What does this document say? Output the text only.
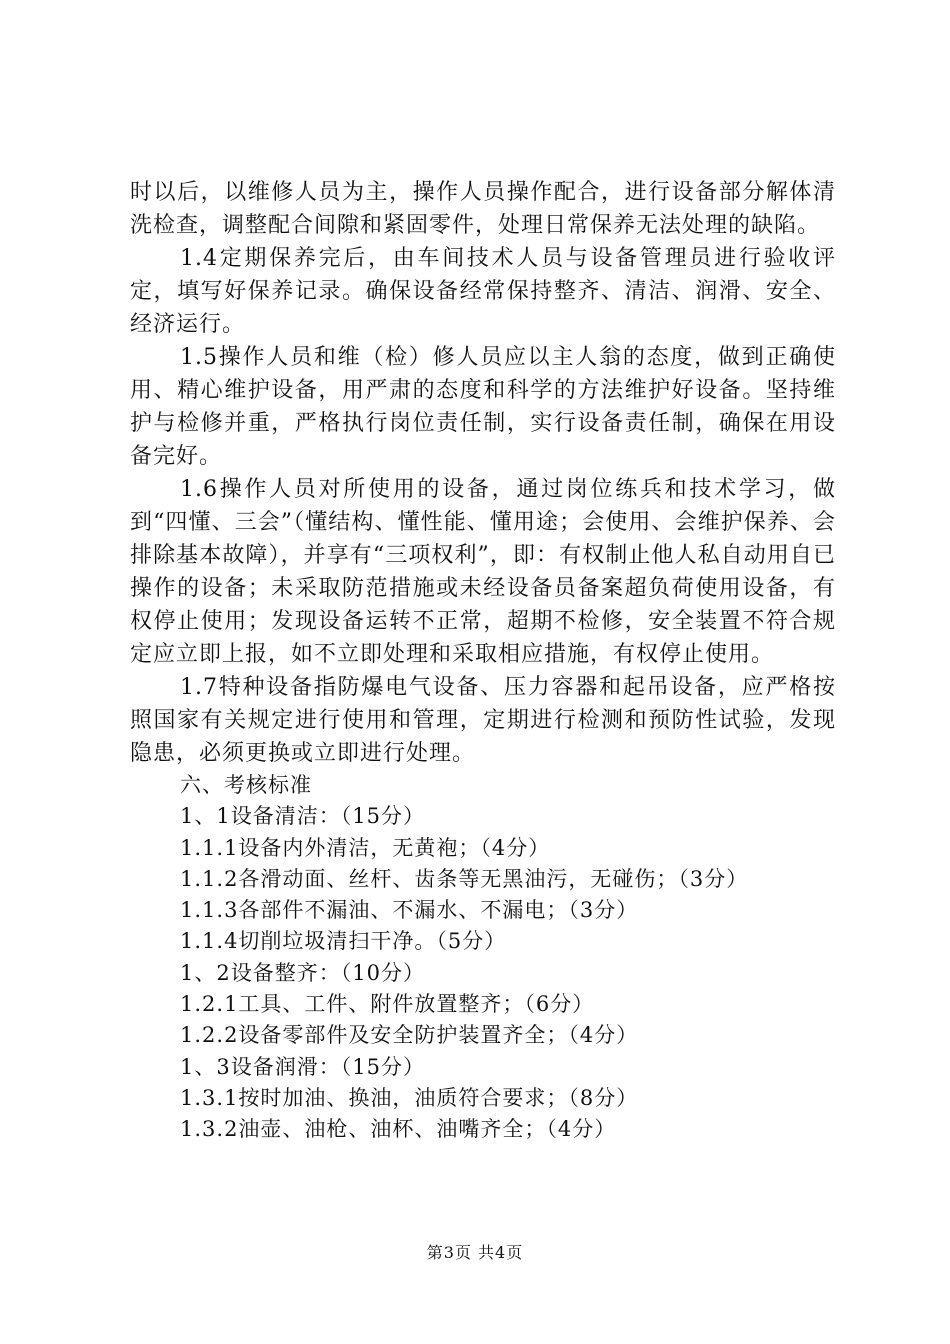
时以后，以维修人员为主，操作人员操作配合，进行设备部分解体清洗检查，调整配合间隙和紧固零件，处理日常保养无法处理的缺陷。

1.4定期保养完后，由车间技术人员与设备管理员进行验收评定，填写好保养记录。确保设备经常保持整齐、清洁、润滑、安全、经济运行。

1.5操作人员和维（检）修人员应以主人翁的态度，做到正确使用、精心维护设备，用严肃的态度和科学的方法维护好设备。坚持维护与检修并重，严格执行岗位责任制，实行设备责任制，确保在用设备完好。

1.6操作人员对所使用的设备，通过岗位练兵和技术学习，做到“四懂、三会”（懂结构、懂性能、懂用途；会使用、会维护保养、会排除基本故障），并享有“三项权利”，即：有权制止他人私自动用自已操作的设备；未采取防范措施或未经设备员备案超负荷使用设备，有权停止使用；发现设备运转不正常，超期不检修，安全装置不符合规定应立即上报，如不立即处理和采取相应措施，有权停止使用。

1.7特种设备指防爆电气设备、压力容器和起吊设备，应严格按照国家有关规定进行使用和管理，定期进行检测和预防性试验，发现隐患，必须更换或立即进行处理。

六、考核标准

1、1设备清洁：（15分）

1.1.1设备内外清洁，无黄袍；（4分）

1.1.2各滑动面、丝杆、齿条等无黑油污，无碰伤；（3分）

1.1.3各部件不漏油、不漏水、不漏电；（3分）

1.1.4切削垃圾清扫干净。（5分）

1、2设备整齐：（10分）

1.2.1工具、工件、附件放置整齐；（6分）

1.2.2设备零部件及安全防护装置齐全；（4分）

1、3设备润滑：（15分）

1.3.1按时加油、换油，油质符合要求；（8分）

1.3.2油壶、油枪、油杯、油嘴齐全；（4分）

第3页 共4页
